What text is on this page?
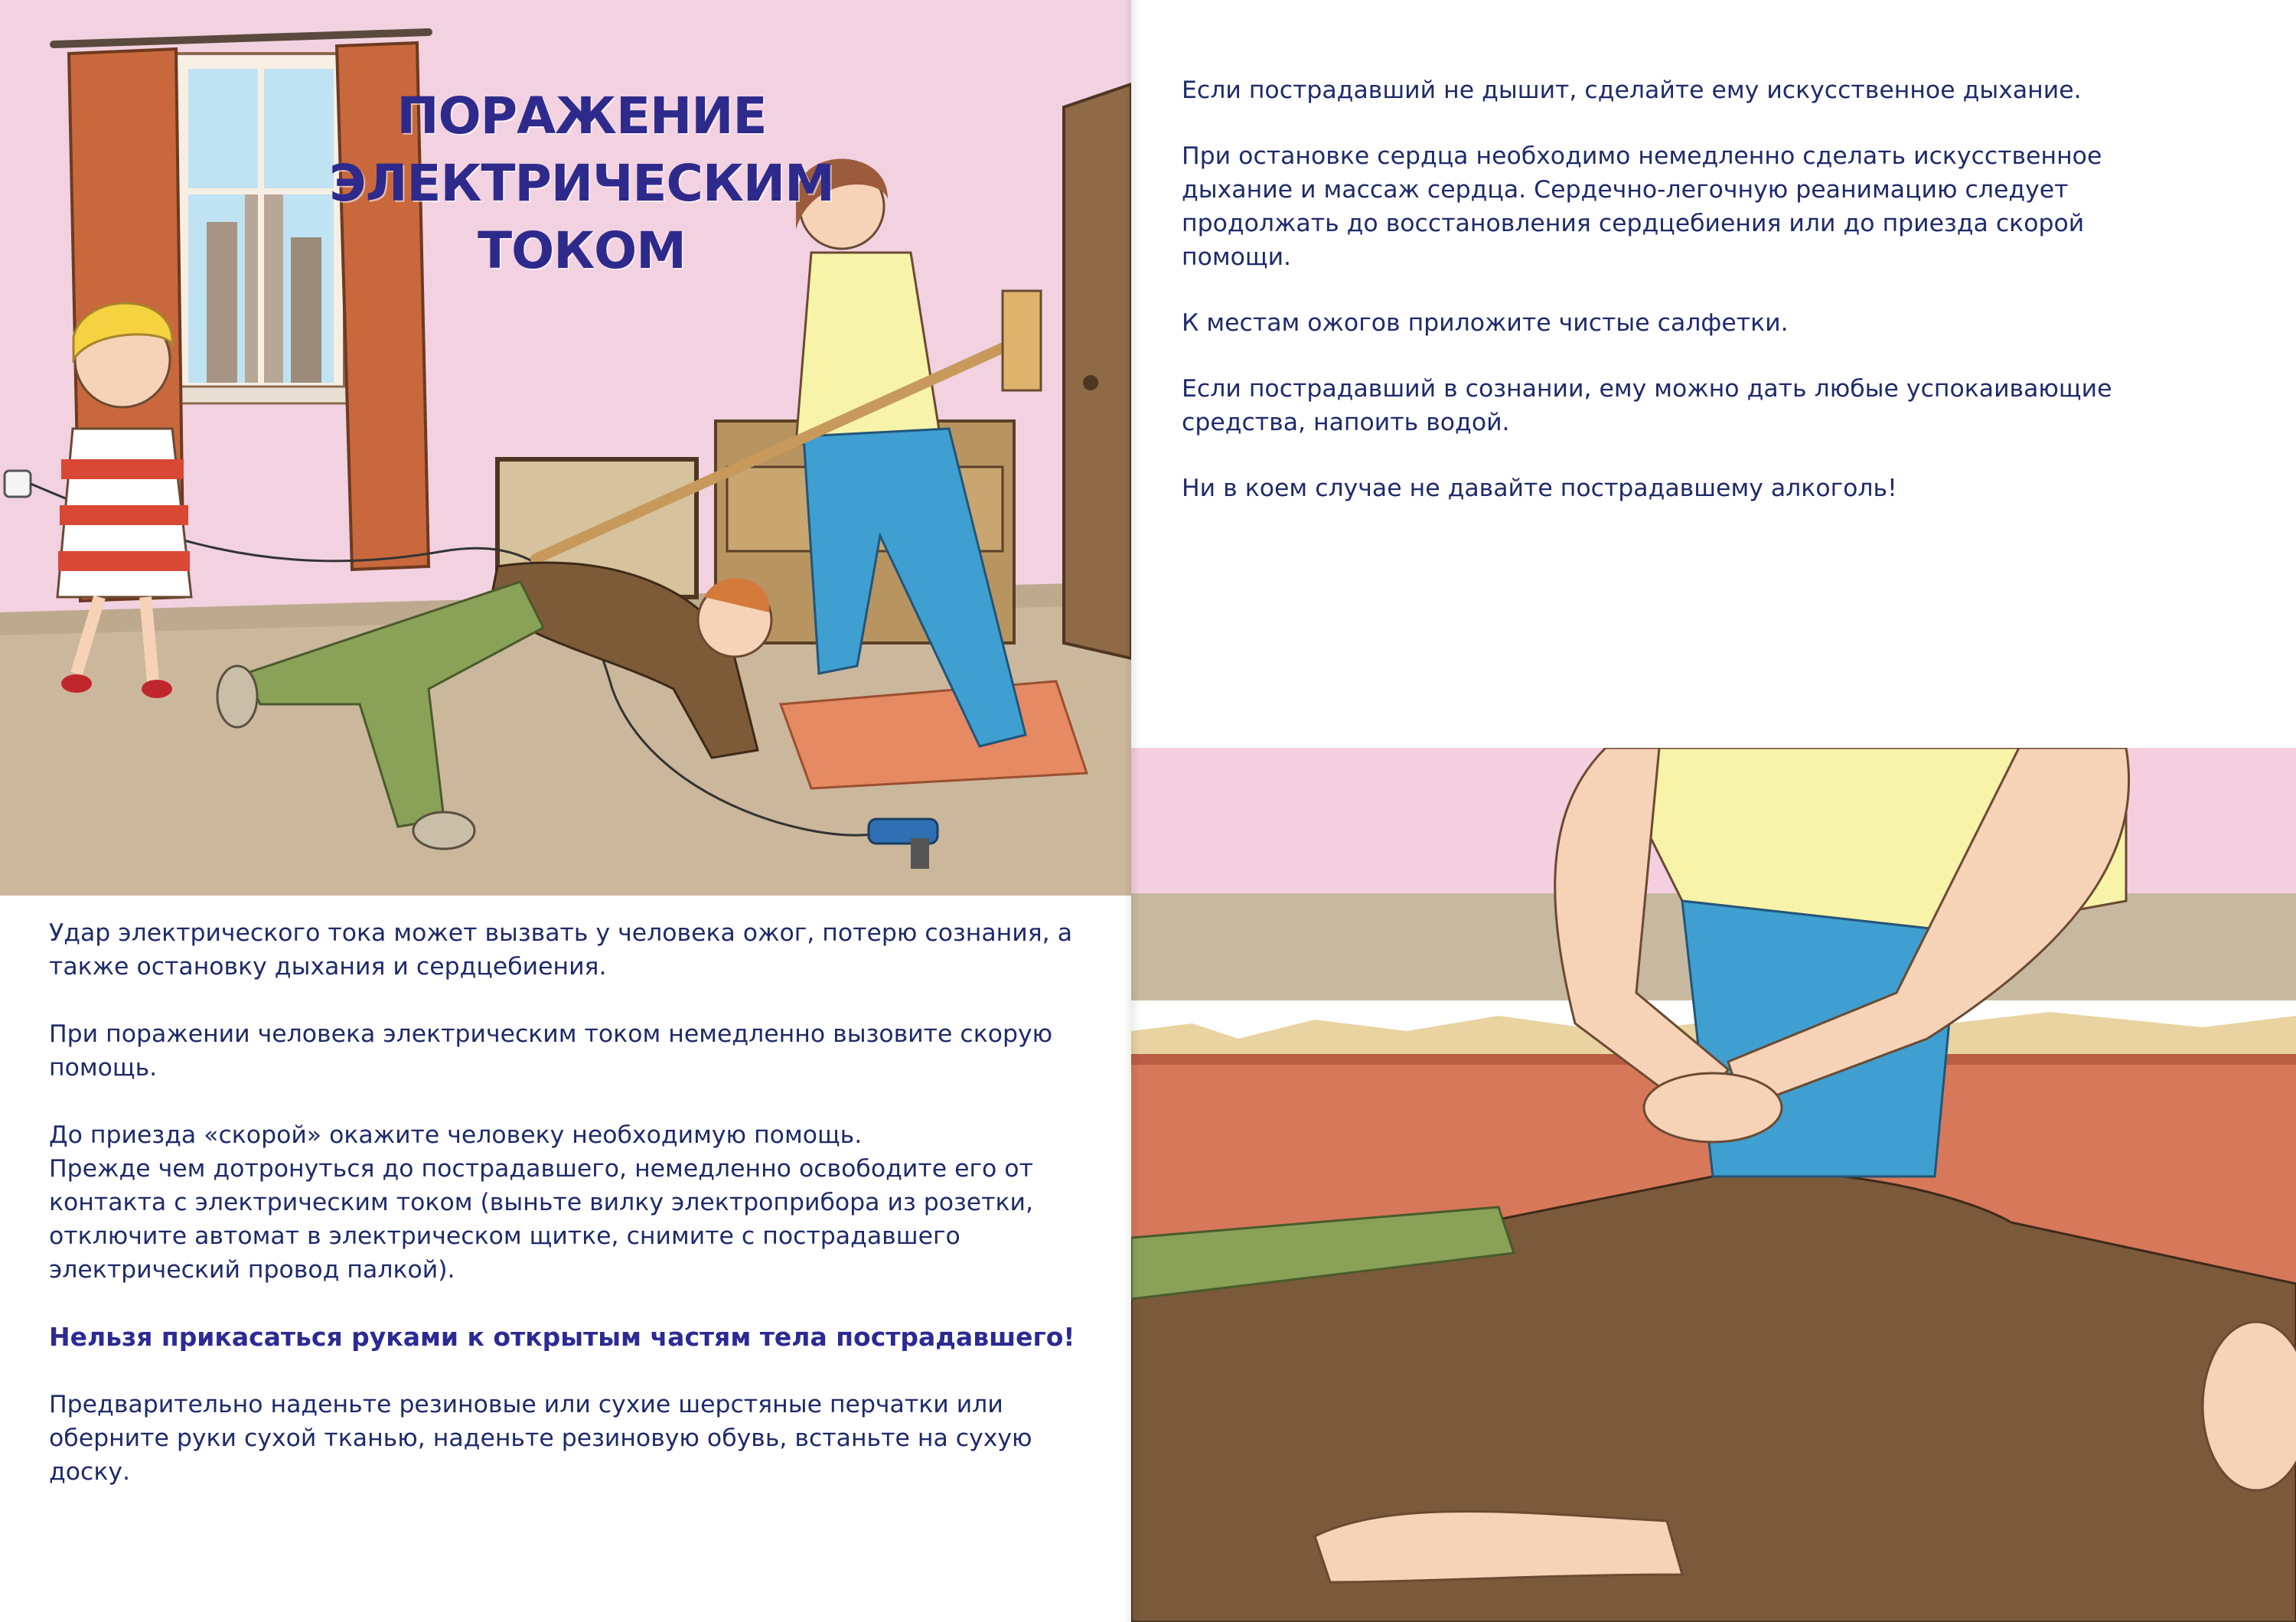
ПОРАЖЕНИЕ ЭЛЕКТРИЧЕСКИМ
ТОКОМ

Удар электрического тока может вызвать у человека ожог, потерю сознания, а также остановку дыхания и сердцебиения.

При поражении человека электрическим током немедленно вызовите скорую помощь.

До приезда «скорой» окажите человеку необходимую помощь.

Прежде чем дотронуться до пострадавшего, немедленно освободите его от контакта с электрическим током (выньте вилку электроприбора из розетки, отключите автомат в электрическом щитке, снимите с пострадавшего электрический провод палкой).

Нельзя прикасаться руками к открытым частям тела пострадавшего!

Предварительно наденьте резиновые или сухие шерстяные перчатки или оберните руки сухой тканью, наденьте резиновую обувь, встаньте на сухую доску.

Если пострадавший не дышит, сделайте ему искусственное дыхание.

При остановке сердца необходимо немедленно сделать искусственное дыхание и массаж сердца. Сердечно-легочную реанимацию следует продолжать до восстановления сердцебиения или до приезда скорой помощи.

К местам ожогов приложите чистые салфетки.

Если пострадавший в сознании, ему можно дать любые успокаивающие средства, напоить водой.

Ни в коем случае не давайте пострадавшему алкоголь!
